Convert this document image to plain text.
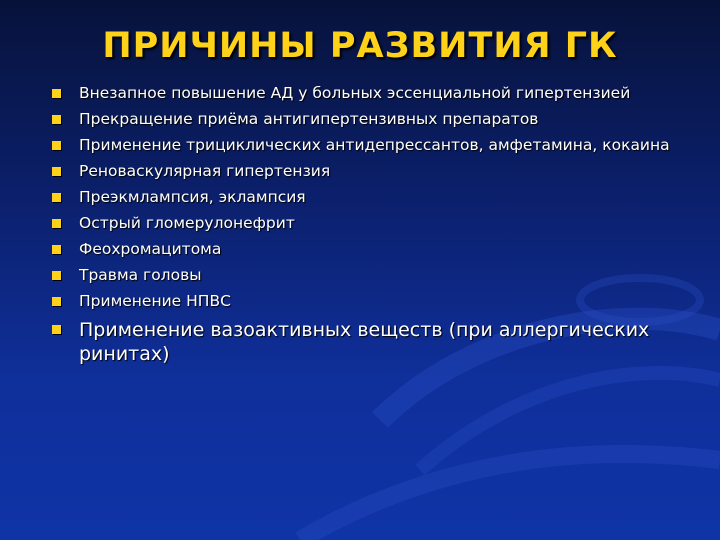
ПРИЧИНЫ РАЗВИТИЯ ГК
Внезапное повышение АД у больных эссенциальной гипертензией
Прекращение приёма антигипертензивных препаратов
Применение трициклических антидепрессантов, амфетамина, кокаина
Реноваскулярная гипертензия
Преэкмлампсия, эклампсия
Острый гломерулонефрит
Феохромацитома
Травма головы
Применение НПВС
Применение вазоактивных веществ (при аллергических ринитах)
